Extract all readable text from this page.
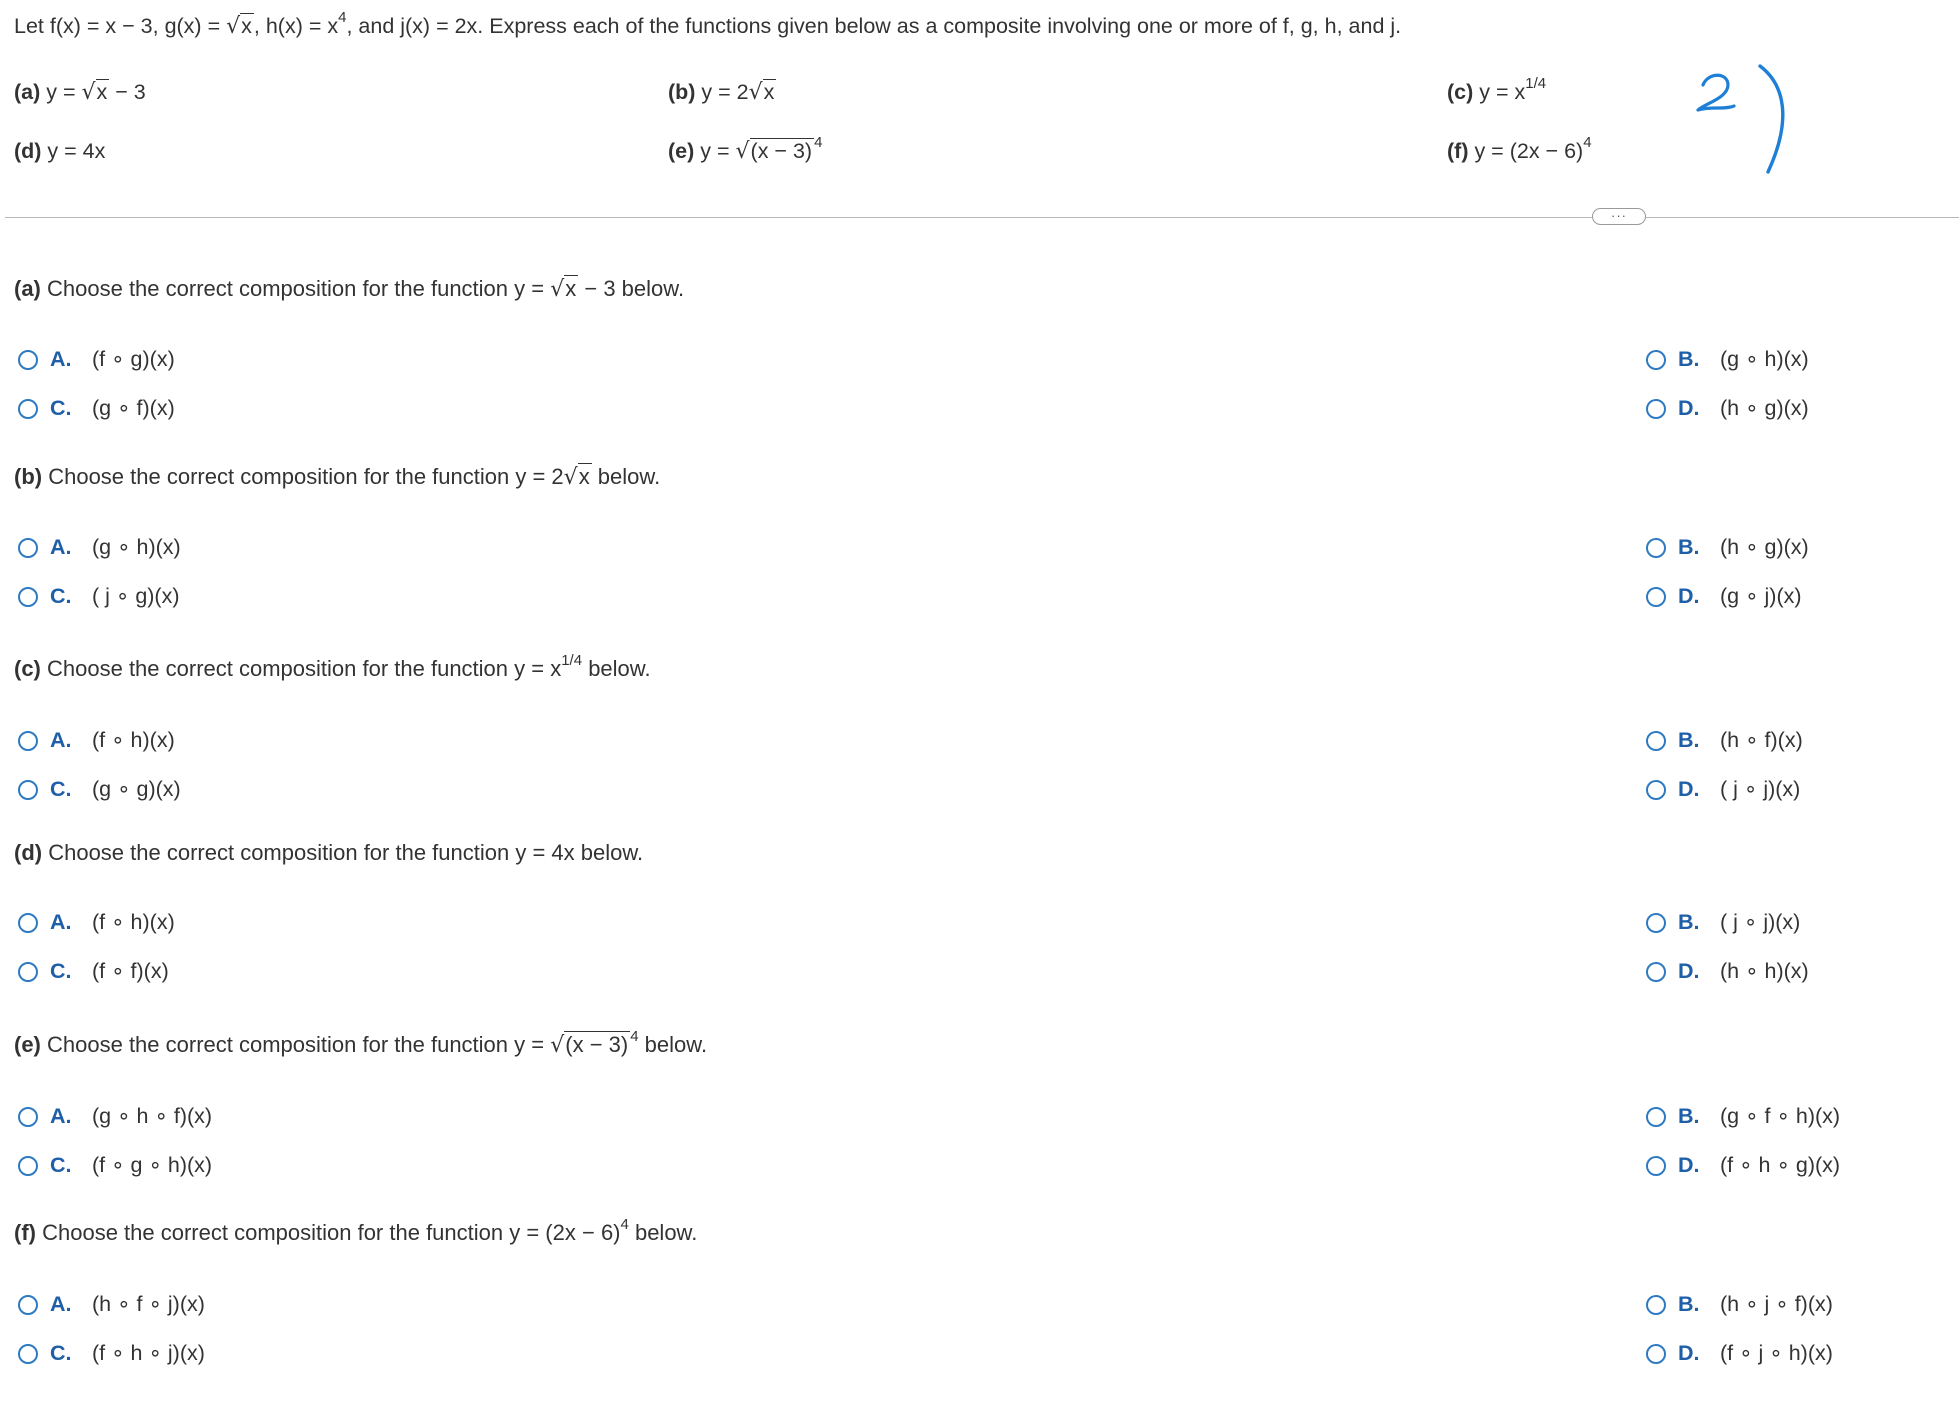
Let f(x) = x − 3, g(x) = √x, $h(x) = x^4$, and j(x) = 2x. Express each of the functions given below as a composite involving one or more of f, g, h, and j.
(a) y = √x − 3	(b) y = 2√x	(c) $y = x^{1/4}$
(d) y = 4x	(e) y = √(x − 3) $^4$	(f) $y = (2x - 6)^4$
···
(a) Choose the correct composition for the function y = √x − 3 below.
A. (f ∘ g)(x)	B. (g ∘ h)(x)
C. (g ∘ f)(x)	D. (h ∘ g)(x)
(b) Choose the correct composition for the function y = 2√x below.
A. (g ∘ h)(x)	B. (h ∘ g)(x)
C. ( j ∘ g)(x)	D. (g ∘ j)(x)
(c) Choose the correct composition for the function $y = x^{1/4}$ below.
A. (f ∘ h)(x)	B. (h ∘ f)(x)
C. (g ∘ g)(x)	D. ( j ∘ j)(x)
(d) Choose the correct composition for the function y = 4x below.
A. (f ∘ h)(x)	B. ( j ∘ j)(x)
C. (f ∘ f)(x)	D. (h ∘ h)(x)
(e) Choose the correct composition for the function y = √(x − 3) $^4$ below.
A. (g ∘ h ∘ f)(x)	B. (g ∘ f ∘ h)(x)
C. (f ∘ g ∘ h)(x)	D. (f ∘ h ∘ g)(x)
(f) Choose the correct composition for the function $y = (2x - 6)^4$ below.
A. (h ∘ f ∘ j)(x)	B. (h ∘ j ∘ f)(x)
C. (f ∘ h ∘ j)(x)	D. (f ∘ j ∘ h)(x)
